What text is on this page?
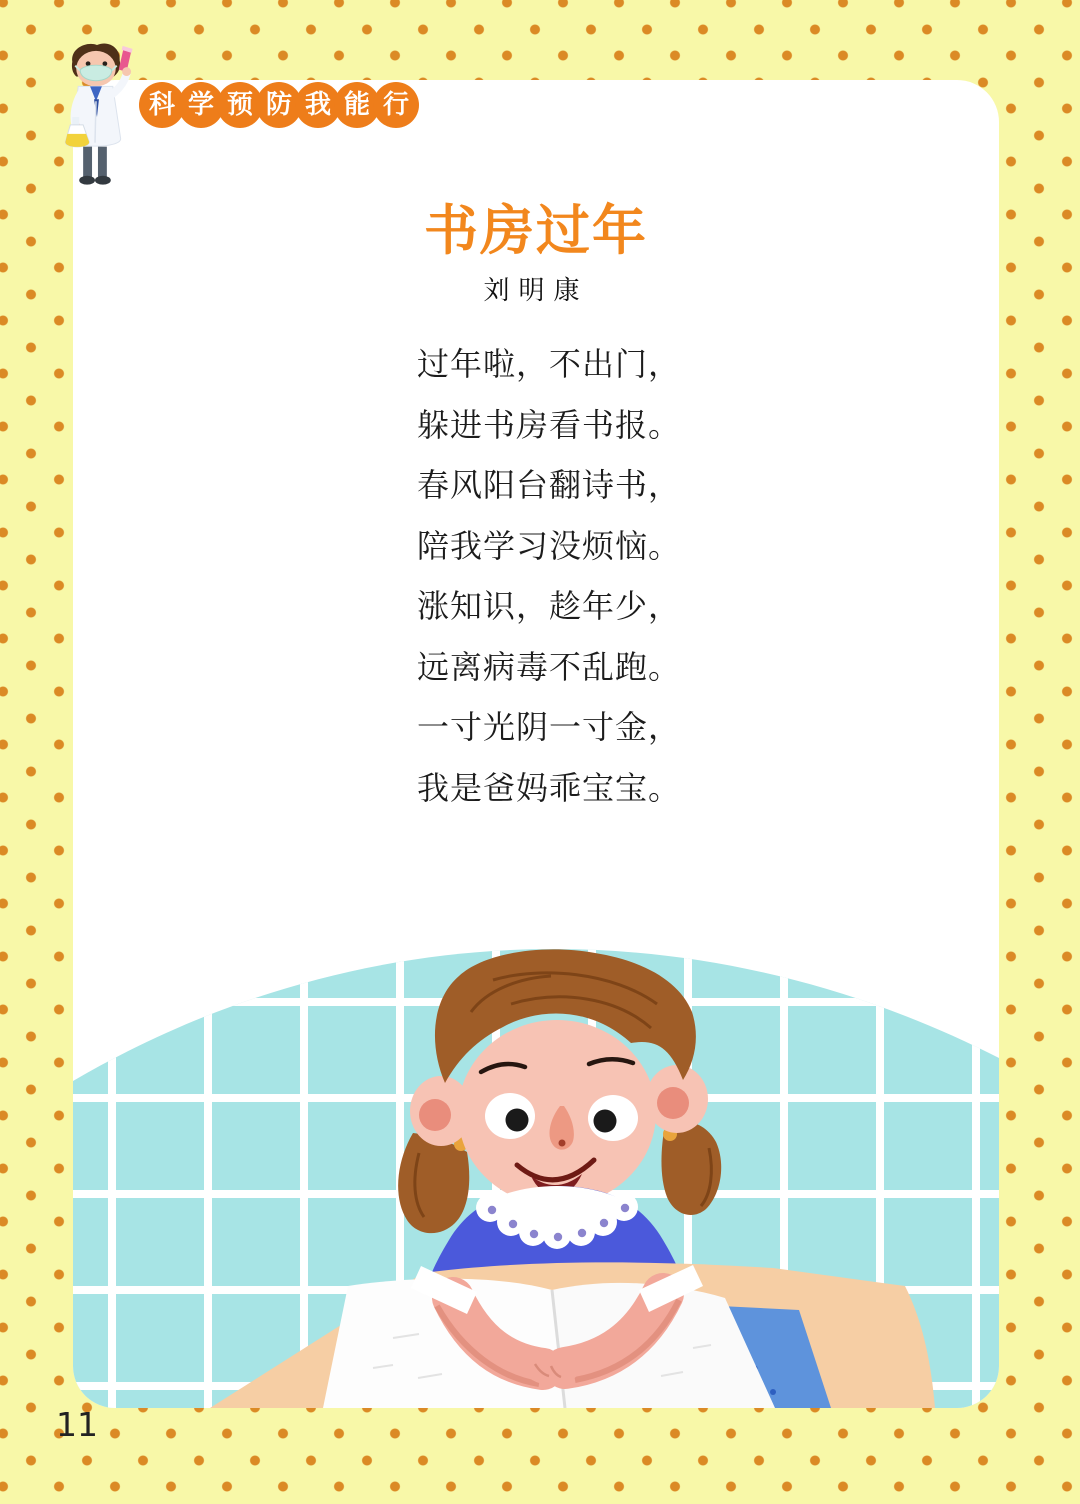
书房过年
刘明康
过年啦，不出门，
躲进书房看书报。
春风阳台翻诗书，
陪我学习没烦恼。
涨知识，趁年少，
远离病毒不乱跑。
一寸光阴一寸金，
我是爸妈乖宝宝。
科 学 预 防 我 能 行
11
